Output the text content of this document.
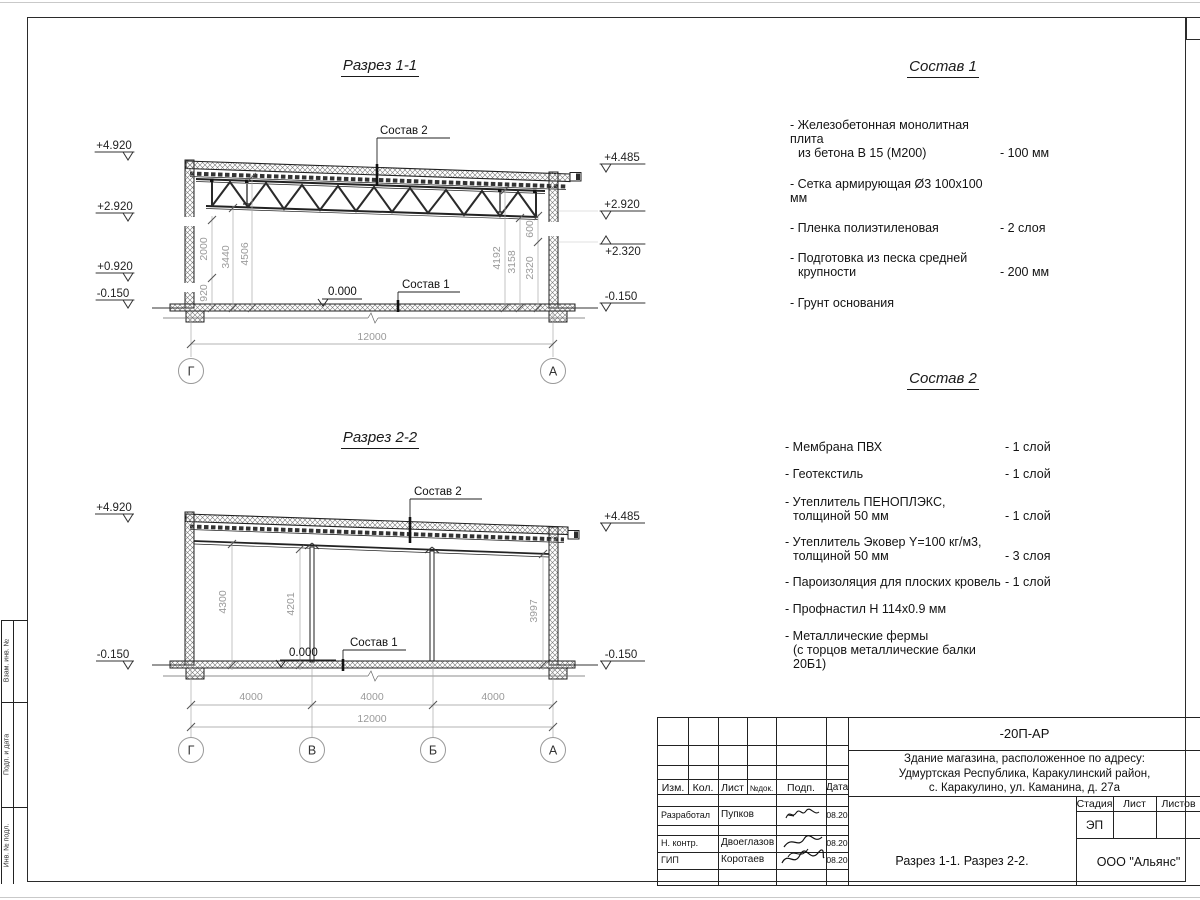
Взам. инв. №
Подп. и дата
Инв. № подл.
Разрез 1-1
Разрез 2-2
Состав 1
Состав 2
- Железобетонная монолитная плита
из бетона В 15 (М200)	- 100 мм
- Сетка армирующая Ø3 100x100 мм
- Пленка полиэтиленовая	- 2 слоя
- Подготовка из песка средней
крупности	- 200 мм
- Грунт основания
- Мембрана ПВХ	- 1 слой
- Геотекстиль	- 1 слой
- Утеплитель ПЕНОПЛЭКС,
толщиной 50 мм	- 1 слой
- Утеплитель Эковер Y=100 кг/м3,
толщиной 50 мм	- 3 слоя
- Пароизоляция для плоских кровель - 1 слой
- Профнастил Н 114х0.9 мм
- Металлические фермы
(с торцов металлические балки 20Б1)
920
2000 3440 4506	4192 3158 2320
600
12000
Г	А
+4.920
+2.920
+0.920
-0.150
+4.485
+2.920
+2.320
-0.150
Состав 2
Состав 1
0.000
4300	4201	3997
4000	4000	4000
12000
Г	В	Б	А
+4.920
-0.150
+4.485
-0.150
Состав 2
Состав 1
0.000
-20П-АР
Здание магазина, расположенное по адресу:
Удмуртская Республика, Каракулинский район,
с. Каракулино, ул. Каманина, д. 27а
Стадия	Лист	Листов
ЭП
Разрез 1-1. Разрез 2-2.	ООО "Альянс"
Изм. Кол. Лист №док.	Подп.	Дата
Разработал	Пупков	08.20
Н. контр.	Двоеглазов	08.20
ГИП	Коротаев	08.20
